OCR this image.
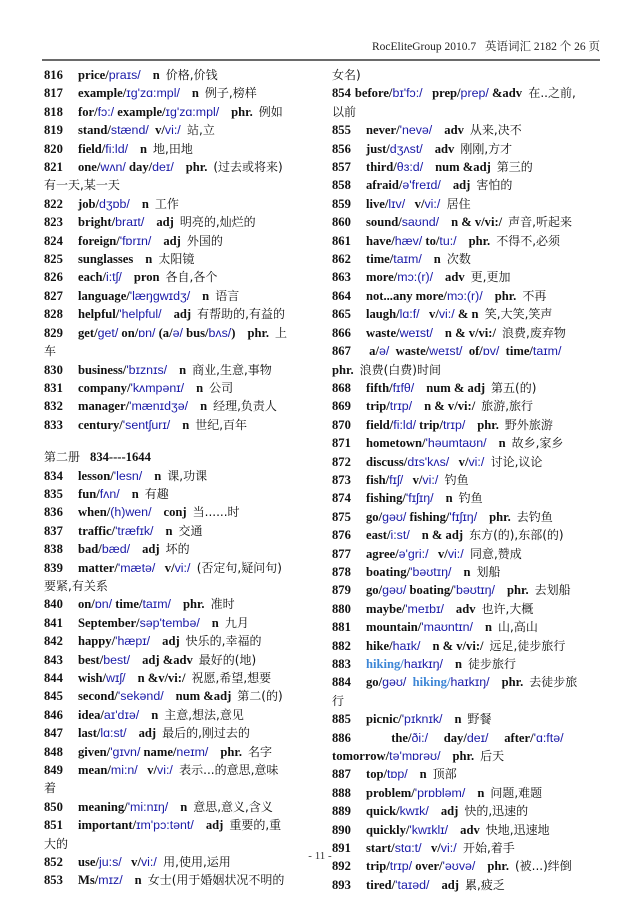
RocEliteGroup 2010.7 英语词汇 2182 个 26 页
816 price/praɪs/ n 价格,价钱
817 example/ɪg'zɑ:mpl/ n 例子,榜样
818 for/fɔ:/ example/ɪg'zɑ:mpl/ phr. 例如
819 stand/stænd/  v/vi:/ 站,立
820 field/fi:ld/ n 地,田地
821 one/wʌn/ day/deɪ/ phr. (过去或将来)
有一天,某一天
822 job/dʒɒb/ n 工作
823 bright/braɪt/ adj 明亮的,灿烂的
824 foreign/'fɒrɪn/ adj 外国的
825 sunglasses n 太阳镜
826 each/i:tʃ/ pron 各自,各个
827 language/'læŋgwɪdʒ/ n 语言
828 helpful/'helpful/ adj 有帮助的,有益的
829 get/get/ on/ɒn/ (a/ə/ bus/bʌs/) phr. 上
车
830 business/'bɪznɪs/ n 商业,生意,事物
831 company/'kʌmpənɪ/ n 公司
832 manager/'mænɪdʒə/ n 经理,负责人
833 century/'sentʃurɪ/ n 世纪,百年
第二册 834----1644
834 lesson/'lesn/ n 课,功课
835 fun/fʌn/ n 有趣
836 when/(h)wen/ conj 当......时
837 traffic/'træfɪk/ n 交通
838 bad/bæd/ adj 坏的
839 matter/'mætə/   v/vi:/ (否定句,疑问句)
要紧,有关系
840 on/ɒn/ time/taɪm/ phr. 准时
841 September/səp'tembə/ n 九月
842 happy/'hæpɪ/ adj 快乐的,幸福的
843 best/best/ adj &adv 最好的(地)
844 wish/wɪʃ/ n &v/vi:/ 祝愿,希望,想要
845 second/'sekənd/ num &adj 第二(的)
846 idea/aɪ'dɪə/ n 主意,想法,意见
847 last/lɑ:st/ adj 最后的,刚过去的
848 given/'gɪvn/ name/neɪm/ phr. 名字
849 mean/mi:n/   v/vi:/ 表示...的意思,意味
着
850 meaning/'mi:nɪŋ/ n 意思,意义,含义
851 important/ɪm'pɔ:tənt/ adj 重要的,重
大的
852 use/ju:s/   v/vi:/ 用,使用,运用
853 Ms/mɪz/ n 女士(用于婚姻状况不明的
女名)
854 before/bɪ'fɔ:/   prep/prep/ &adv 在..之前,
以前
855 never/'nevə/ adv 从来,决不
856 just/dʒʌst/ adv 刚刚,方才
857 third/θɜ:d/ num &adj 第三的
858 afraid/ə'freɪd/ adj 害怕的
859 live/lɪv/   v/vi:/ 居住
860 sound/saʊnd/ n & v/vi:/ 声音,听起来
861 have/hæv/ to/tu:/ phr. 不得不,必须
862 time/taɪm/ n 次数
863 more/mɔ:(r)/ adv 更,更加
864 not...any more/mɔ:(r)/ phr. 不再
865 laugh/lɑ:f/   v/vi:/ & n 笑,大笑,笑声
866 waste/weɪst/ n & v/vi:/ 浪费,废弃物
867 a/ə/  waste/weɪst/  of/ɒv/  time/taɪm/
phr. 浪费(白费)时间
868 fifth/fɪfθ/ num & adj 第五(的)
869 trip/trɪp/ n & v/vi:/ 旅游,旅行
870 field/fi:ld/ trip/trɪp/ phr. 野外旅游
871 hometown/'həumtaʊn/ n 故乡,家乡
872 discuss/dɪs'kʌs/   v/vi:/ 讨论,议论
873 fish/fɪʃ/   v/vi:/ 钓鱼
874 fishing/'fɪʃɪŋ/ n 钓鱼
875 go/gəʊ/ fishing/'fɪʃɪŋ/ phr. 去钓鱼
876 east/i:st/ n & adj 东方(的),东部(的)
877 agree/ə'gri:/   v/vi:/ 同意,赞成
878 boating/'bəʊtɪŋ/ n 划船
879 go/gəʊ/ boating/'bəʊtɪŋ/ phr. 去划船
880 maybe/'meɪbɪ/ adv 也许,大概
881 mountain/'maʊntɪn/ n 山,高山
882 hike/haɪk/ n & v/vi:/ 远足,徒步旅行
883 hiking/haɪkɪŋ/ n 徒步旅行
884 go/gəʊ/ hiking/haɪkɪŋ/ phr. 去徒步旅
行
885 picnic/'pɪknɪk/ n 野餐
886        the/ði:/     day/deɪ/     after/'ɑ:ftə/
tomorrow/tə'mɒrəʊ/ phr. 后天
887 top/tɒp/ n 顶部
888 problem/'prɒbləm/ n 问题,难题
889 quick/kwɪk/ adj 快的,迅速的
890 quickly/'kwɪklɪ/ adv 快地,迅速地
891 start/stɑ:t/   v/vi:/ 开始,着手
892 trip/trɪp/ over/'əʊvə/ phr. (被...)绊倒
893 tired/'taɪəd/ adj 累,疲乏
- 11 -
